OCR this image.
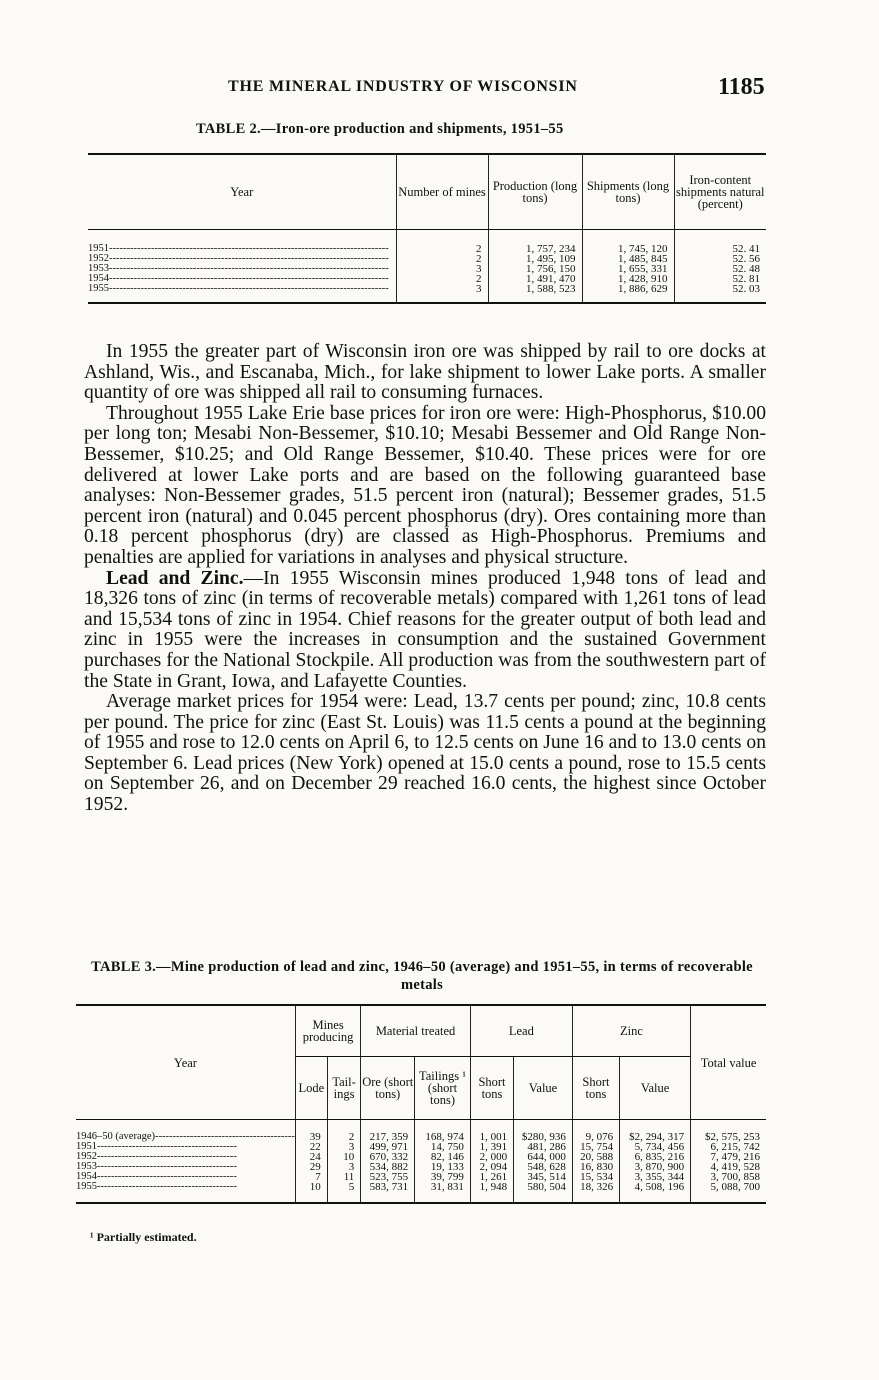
THE MINERAL INDUSTRY OF WISCONSIN	1185
TABLE 2.—Iron-ore production and shipments, 1951–55
Year	Number of mines	Production (long tons)	Shipments (long tons)	Iron-content shipments natural (percent)
1951--------------------------------------------------------------------------------	2	1, 757, 234	1, 745, 120	52. 41
1952--------------------------------------------------------------------------------	2	1, 495, 109	1, 485, 845	52. 56
1953--------------------------------------------------------------------------------	3	1, 756, 150	1, 655, 331	52. 48
1954--------------------------------------------------------------------------------	2	1, 491, 470	1, 428, 910	52. 81
1955--------------------------------------------------------------------------------	3	1, 588, 523	1, 886, 629	52. 03

In 1955 the greater part of Wisconsin iron ore was shipped by rail to ore docks at Ashland, Wis., and Escanaba, Mich., for lake shipment to lower Lake ports. A smaller quantity of ore was shipped all rail to consuming furnaces.

Throughout 1955 Lake Erie base prices for iron ore were: High-Phosphorus, $10.00 per long ton; Mesabi Non-Bessemer, $10.10; Mesabi Bessemer and Old Range Non-Bessemer, $10.25; and Old Range Bessemer, $10.40. These prices were for ore delivered at lower Lake ports and are based on the following guaranteed base analyses: Non-Bessemer grades, 51.5 percent iron (natural); Bessemer grades, 51.5 percent iron (natural) and 0.045 percent phosphorus (dry). Ores containing more than 0.18 percent phosphorus (dry) are classed as High-Phosphorus. Premiums and penalties are applied for variations in analyses and physical structure.

Lead and Zinc.—In 1955 Wisconsin mines produced 1,948 tons of lead and 18,326 tons of zinc (in terms of recoverable metals) compared with 1,261 tons of lead and 15,534 tons of zinc in 1954. Chief reasons for the greater output of both lead and zinc in 1955 were the increases in consumption and the sustained Government purchases for the National Stockpile. All production was from the southwestern part of the State in Grant, Iowa, and Lafayette Counties.

Average market prices for 1954 were: Lead, 13.7 cents per pound; zinc, 10.8 cents per pound. The price for zinc (East St. Louis) was 11.5 cents a pound at the beginning of 1955 and rose to 12.0 cents on April 6, to 12.5 cents on June 16 and to 13.0 cents on September 6. Lead prices (New York) opened at 15.0 cents a pound, rose to 15.5 cents on September 26, and on December 29 reached 16.0 cents, the highest since October 1952.

TABLE 3.—Mine production of lead and zinc, 1946–50 (average) and 1951–55, in terms of recoverable metals
Year	Mines producing		Material treated		Lead		Zinc		Total value
	Lode	Tail-ings	Ore (short tons)	Tailings ¹ (short tons)	Short tons	Value	Short tons	Value	
1946–50 (average)----------------------------------------	39	2	217, 359	168, 974	1, 001	$280, 936	9, 076	$2, 294, 317	$2, 575, 253
1951----------------------------------------	22	3	499, 971	14, 750	1, 391	481, 286	15, 754	5, 734, 456	6, 215, 742
1952----------------------------------------	24	10	670, 332	82, 146	2, 000	644, 000	20, 588	6, 835, 216	7, 479, 216
1953----------------------------------------	29	3	534, 882	19, 133	2, 094	548, 628	16, 830	3, 870, 900	4, 419, 528
1954----------------------------------------	7	11	523, 755	39, 799	1, 261	345, 514	15, 534	3, 355, 344	3, 700, 858
1955----------------------------------------	10	5	583, 731	31, 831	1, 948	580, 504	18, 326	4, 508, 196	5, 088, 700
¹ Partially estimated.
